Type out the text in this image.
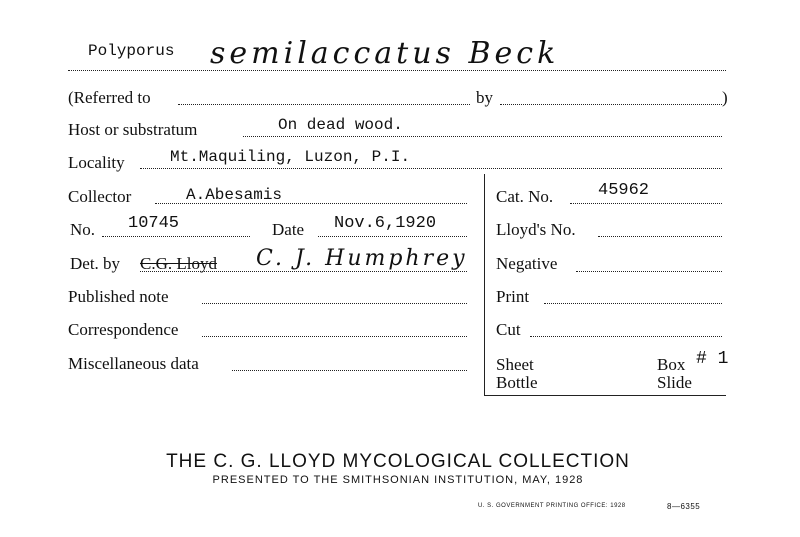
Polyporus semilaccatus Beck
(Referred to	by	)
Host or substratum	On dead wood.
Locality	Mt.Maquiling, Luzon, P.I.
Collector	A.Abesamis
No. 10745	Date Nov.6,1920
Det. by C.G. Lloyd C. J. Humphrey
Published note
Correspondence
Miscellaneous data
Cat. No.	45962
Lloyd's No.
Negative
Print
Cut
Sheet
Bottle
Box # 1
Slide
THE C. G. LLOYD MYCOLOGICAL COLLECTION
PRESENTED TO THE SMITHSONIAN INSTITUTION, MAY, 1928
U. S. GOVERNMENT PRINTING OFFICE: 1928	8—6355
